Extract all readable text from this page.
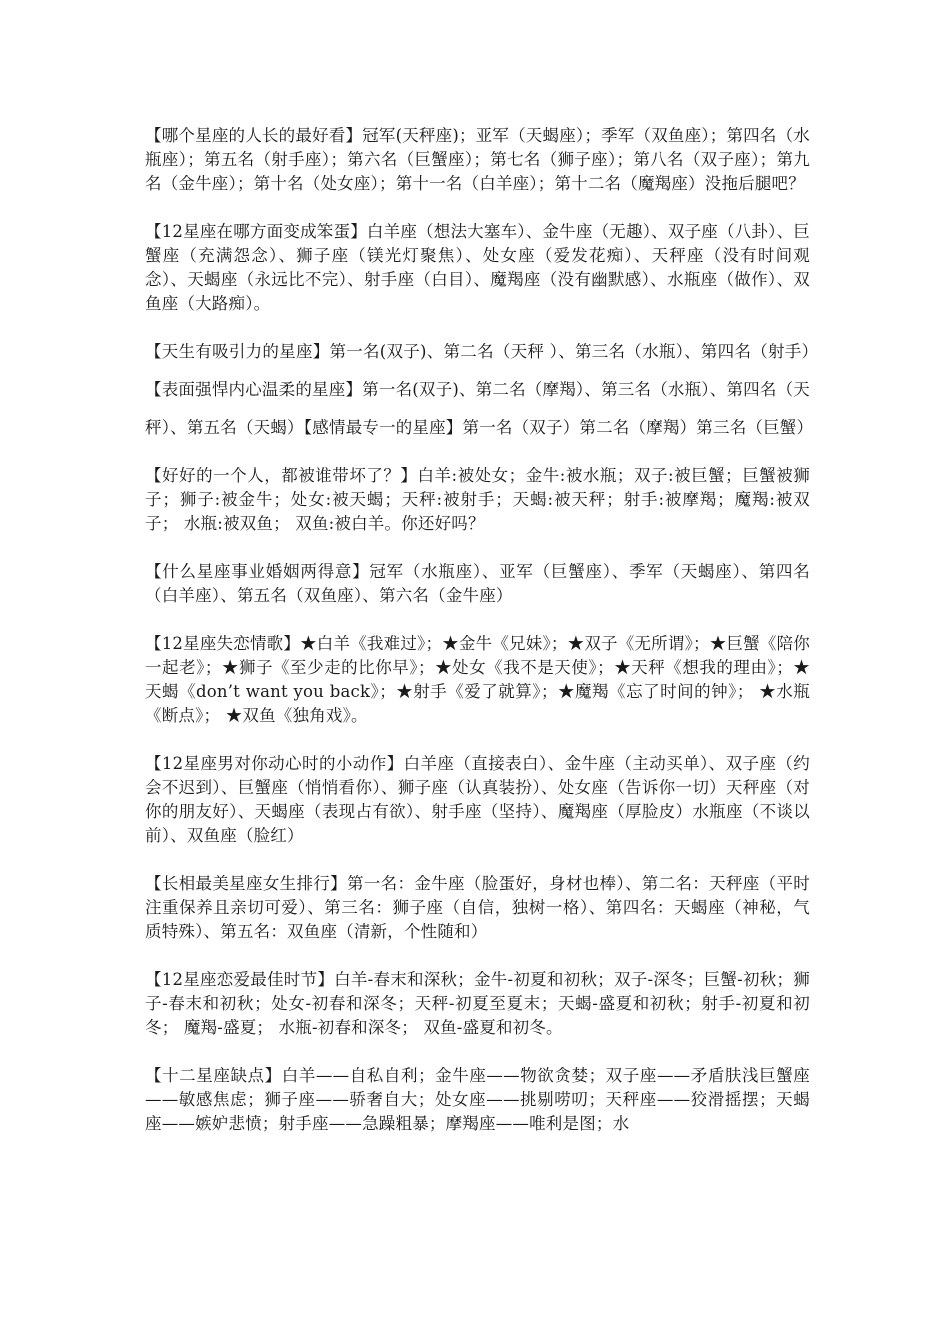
【哪个星座的人长的最好看】冠军(天秤座)；亚军（天蝎座）；季军（双鱼座）；第四名（水瓶座）；第五名（射手座）；第六名（巨蟹座）；第七名（狮子座）；第八名（双子座）；第九名（金牛座）；第十名（处女座）；第十一名（白羊座）；第十二名（魔羯座）没拖后腿吧？

【12星座在哪方面变成笨蛋】白羊座（想法大塞车）、金牛座（无趣）、双子座（八卦）、巨蟹座（充满怨念）、狮子座（镁光灯聚焦）、处女座（爱发花痴）、天秤座（没有时间观念）、天蝎座（永远比不完）、射手座（白目）、魔羯座（没有幽默感）、水瓶座（做作）、双鱼座（大路痴）。

【天生有吸引力的星座】第一名(双子)、第二名（天秤 ）、第三名（水瓶）、第四名（射手）【表面强悍内心温柔的星座】第一名(双子)、第二名（摩羯）、第三名（水瓶）、第四名（天秤）、第五名（天蝎）【感情最专一的星座】第一名（双子）第二名（摩羯）第三名（巨蟹）

【好好的一个人，都被谁带坏了？】白羊:被处女；金牛:被水瓶；双子:被巨蟹；巨蟹被狮子；狮子:被金牛；处女:被天蝎；天秤:被射手；天蝎:被天秤；射手:被摩羯；魔羯:被双子； 水瓶:被双鱼； 双鱼:被白羊。你还好吗？

【什么星座事业婚姻两得意】冠军（水瓶座）、亚军（巨蟹座）、季军（天蝎座）、第四名（白羊座）、第五名（双鱼座）、第六名（金牛座）

【12星座失恋情歌】★白羊《我难过》；★金牛《兄妹》；★双子《无所谓》；★巨蟹《陪你一起老》；★狮子《至少走的比你早》；★处女《我不是天使》；★天秤《想我的理由》；★天蝎《don’t want you back》；★射手《爱了就算》；★魔羯《忘了时间的钟》； ★水瓶《断点》； ★双鱼《独角戏》。

【12星座男对你动心时的小动作】白羊座（直接表白）、金牛座（主动买单）、双子座（约会不迟到）、巨蟹座（悄悄看你）、狮子座（认真装扮）、处女座（告诉你一切）天秤座（对你的朋友好）、天蝎座（表现占有欲）、射手座（坚持）、魔羯座（厚脸皮）水瓶座（不谈以前）、双鱼座（脸红）

【长相最美星座女生排行】第一名：金牛座（脸蛋好，身材也棒）、第二名：天秤座（平时注重保养且亲切可爱）、第三名：狮子座（自信，独树一格）、第四名：天蝎座（神秘，气质特殊）、第五名：双鱼座（清新，个性随和）

【12星座恋爱最佳时节】白羊-春末和深秋；金牛-初夏和初秋；双子-深冬；巨蟹-初秋；狮子-春末和初秋；处女-初春和深冬；天秤-初夏至夏末；天蝎-盛夏和初秋；射手-初夏和初冬； 魔羯-盛夏； 水瓶-初春和深冬； 双鱼-盛夏和初冬。

【十二星座缺点】白羊——自私自利；金牛座——物欲贪婪；双子座——矛盾肤浅巨蟹座——敏感焦虑；狮子座——骄奢自大；处女座——挑剔唠叨；天秤座——狡滑摇摆；天蝎座——嫉妒悲愤；射手座——急躁粗暴；摩羯座——唯利是图；水
